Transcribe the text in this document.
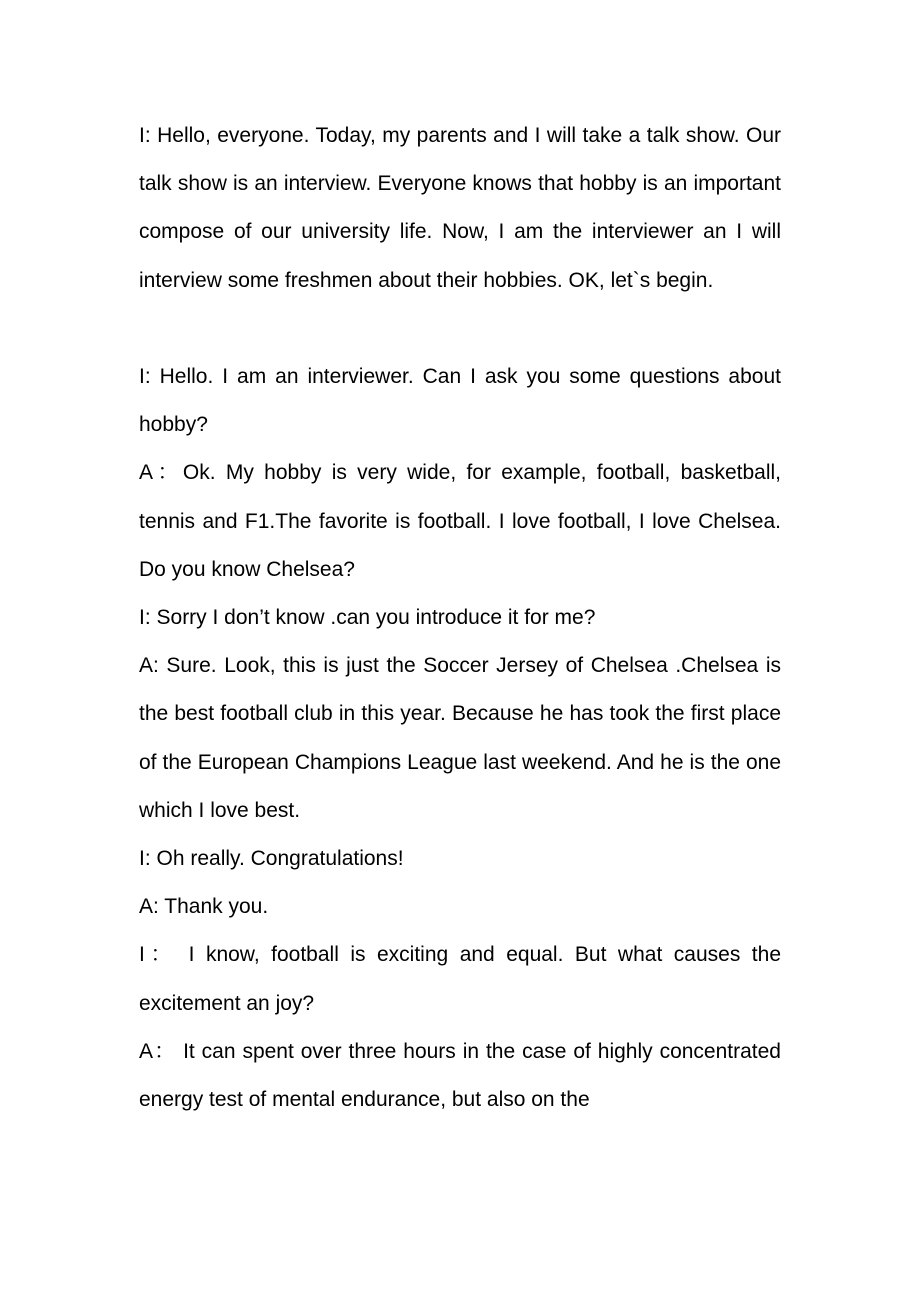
I: Hello, everyone. Today, my parents and I will take a talk show. Our talk show is an interview. Everyone knows that hobby is an important compose of our university life. Now, I am the interviewer an I will interview some freshmen about their hobbies. OK, let`s begin.

I: Hello. I am an interviewer. Can I ask you some questions about hobby?

A：Ok. My hobby is very wide, for example, football, basketball, tennis and F1.The favorite is football. I love football, I love Chelsea. Do you know Chelsea?

I: Sorry I don’t know .can you introduce it for me?

A: Sure. Look, this is just the Soccer Jersey of Chelsea .Chelsea is the best football club in this year. Because he has took the first place of the European Champions League last weekend. And he is the one which I love best.

I: Oh really. Congratulations!

A: Thank you.

I： I know, football is exciting and equal. But what causes the excitement an joy?

A： It can spent over three hours in the case of highly concentrated energy test of mental endurance, but also on the
